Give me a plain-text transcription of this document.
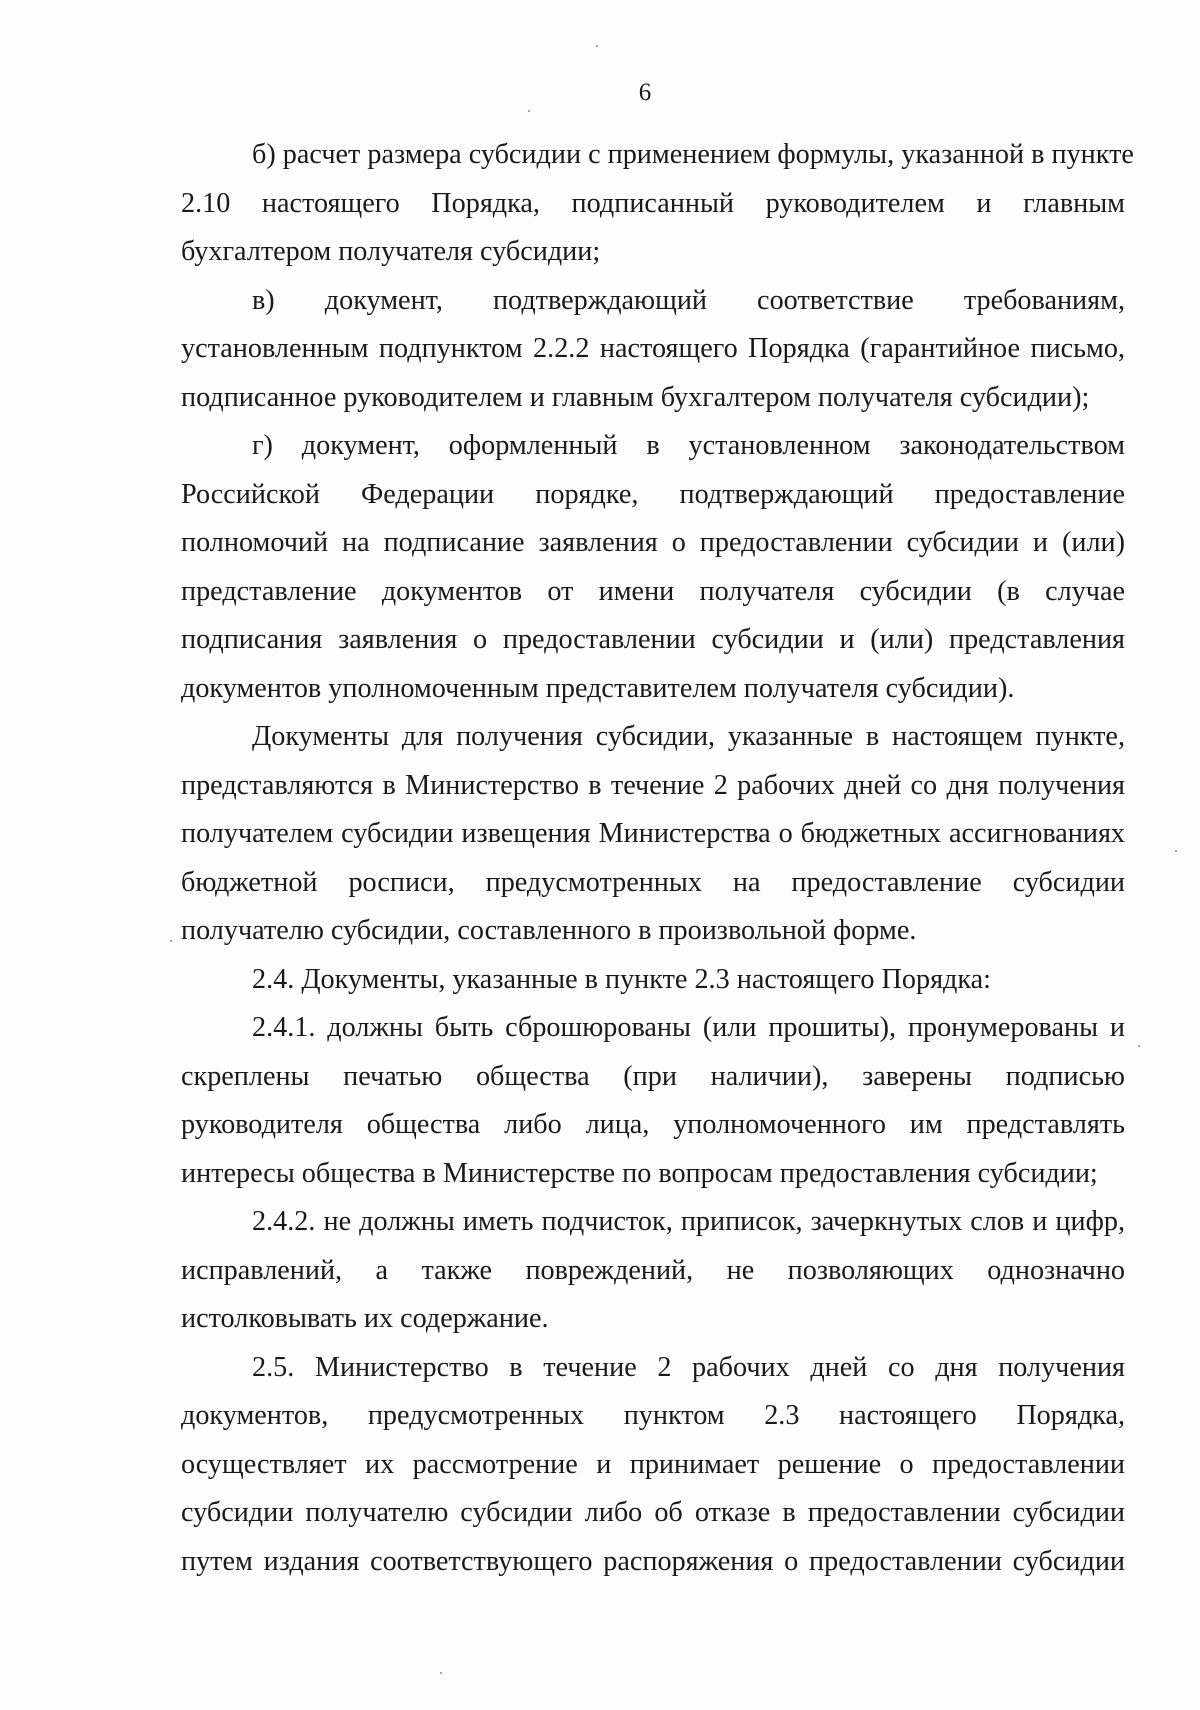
6
б) расчет размера субсидии с применением формулы, указанной в пункте
2.10 настоящего Порядка, подписанный руководителем и главным
бухгалтером получателя субсидии;
в) документ, подтверждающий соответствие требованиям,
установленным подпунктом 2.2.2 настоящего Порядка (гарантийное письмо,
подписанное руководителем и главным бухгалтером получателя субсидии);
г) документ, оформленный в установленном законодательством
Российской Федерации порядке, подтверждающий предоставление
полномочий на подписание заявления о предоставлении субсидии и (или)
представление документов от имени получателя субсидии (в случае
подписания заявления о предоставлении субсидии и (или) представления
документов уполномоченным представителем получателя субсидии).
Документы для получения субсидии, указанные в настоящем пункте,
представляются в Министерство в течение 2 рабочих дней со дня получения
получателем субсидии извещения Министерства о бюджетных ассигнованиях
бюджетной росписи, предусмотренных на предоставление субсидии
получателю субсидии, составленного в произвольной форме.
2.4. Документы, указанные в пункте 2.3 настоящего Порядка:
2.4.1. должны быть сброшюрованы (или прошиты), пронумерованы и
скреплены печатью общества (при наличии), заверены подписью
руководителя общества либо лица, уполномоченного им представлять
интересы общества в Министерстве по вопросам предоставления субсидии;
2.4.2. не должны иметь подчисток, приписок, зачеркнутых слов и цифр,
исправлений, а также повреждений, не позволяющих однозначно
истолковывать их содержание.
2.5. Министерство в течение 2 рабочих дней со дня получения
документов, предусмотренных пунктом 2.3 настоящего Порядка,
осуществляет их рассмотрение и принимает решение о предоставлении
субсидии получателю субсидии либо об отказе в предоставлении субсидии
путем издания соответствующего распоряжения о предоставлении субсидии
